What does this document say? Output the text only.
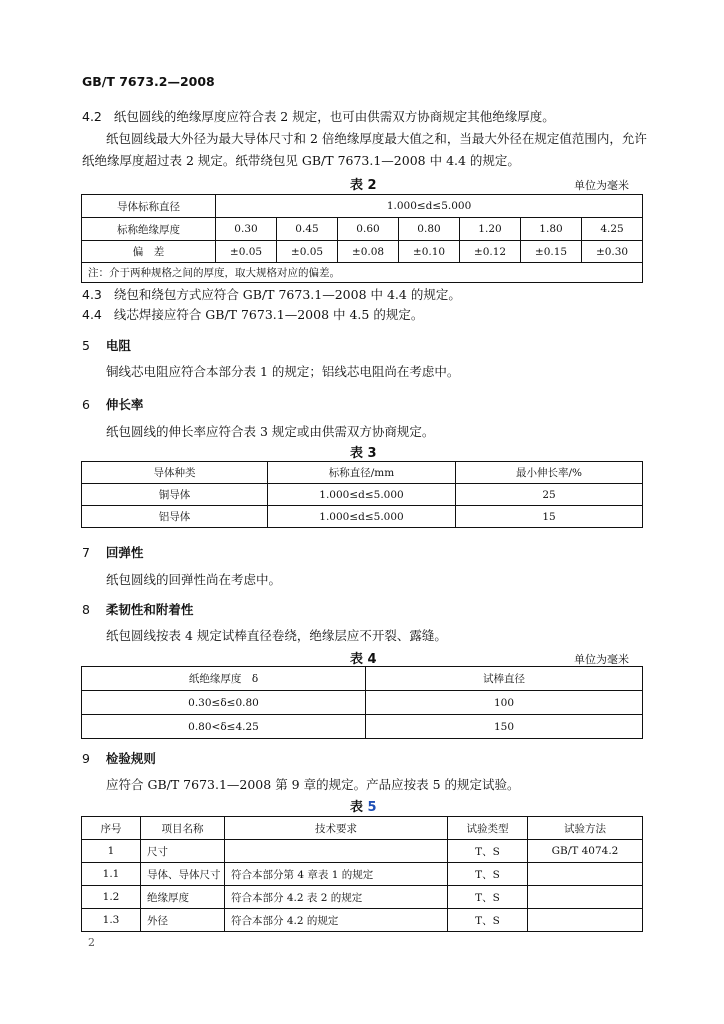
GB/T 7673.2—2008
4.2 纸包圆线的绝缘厚度应符合表 2 规定，也可由供需双方协商规定其他绝缘厚度。
纸包圆线最大外径为最大导体尺寸和 2 倍绝缘厚度最大值之和，当最大外径在规定值范围内，允许
纸绝缘厚度超过表 2 规定。纸带绕包见 GB/T 7673.1—2008 中 4.4 的规定。
表 2	单位为毫米
导体标称直径	1.000≤d≤5.000						
标称绝缘厚度	0.30	0.45	0.60	0.80	1.20	1.80	4.25
偏　差	±0.05	±0.05	±0.08	±0.10	±0.12	±0.15	±0.30
注：介于两种规格之间的厚度，取大规格对应的偏差。							
4.3 绕包和绕包方式应符合 GB/T 7673.1—2008 中 4.4 的规定。
4.4 线芯焊接应符合 GB/T 7673.1—2008 中 4.5 的规定。
5 电阻
铜线芯电阻应符合本部分表 1 的规定；铝线芯电阻尚在考虑中。
6 伸长率
纸包圆线的伸长率应符合表 3 规定或由供需双方协商规定。
表 3
导体种类	标称直径/mm	最小伸长率/%
铜导体	1.000≤d≤5.000	25
铝导体	1.000≤d≤5.000	15
7 回弹性
纸包圆线的回弹性尚在考虑中。
8 柔韧性和附着性
纸包圆线按表 4 规定试棒直径卷绕，绝缘层应不开裂、露缝。
表 4	单位为毫米
纸绝缘厚度　δ	试棒直径
0.30≤δ≤0.80	100
0.80<δ≤4.25	150
9 检验规则
应符合 GB/T 7673.1—2008 第 9 章的规定。产品应按表 5 的规定试验。
表 5
序号	项目名称	技术要求	试验类型	试验方法
1	尺寸		T、S	GB/T 4074.2
1.1	导体、导体尺寸	符合本部分第 4 章表 1 的规定	T、S	
1.2	绝缘厚度	符合本部分 4.2 表 2 的规定	T、S	
1.3	外径	符合本部分 4.2 的规定	T、S	
2
